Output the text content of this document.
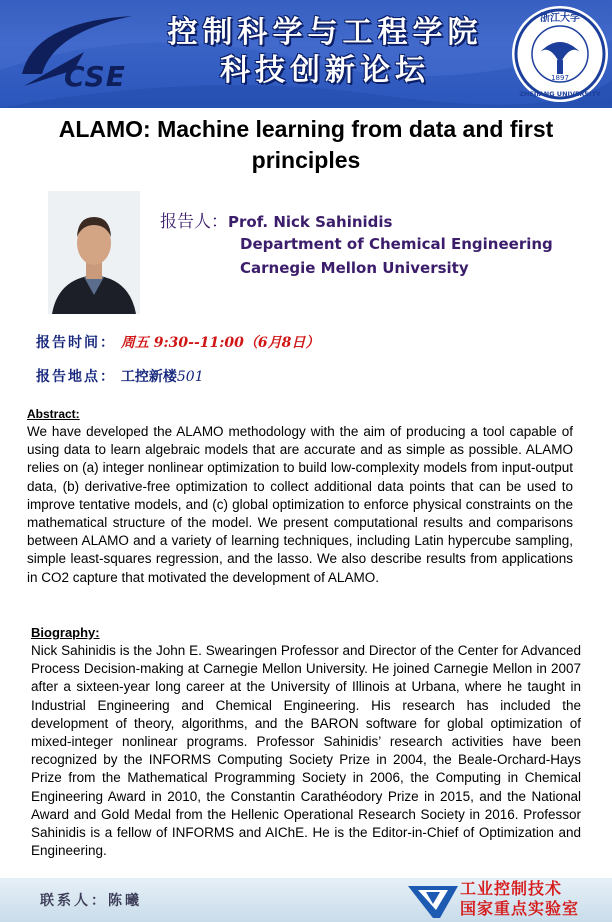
CSE
控制科学与工程学院
科技创新论坛	1897
浙江大学
ZHEJIANG UNIVERSITY
ALAMO: Machine learning from data and first principles
报告人：Prof. Nick Sahinidis
Department of Chemical Engineering
Carnegie Mellon University
报告时间： 周五 9:30--11:00（6月8日）
报告地点： 工控新楼501
Abstract:
We have developed the ALAMO methodology with the aim of producing a tool capable of using data to learn algebraic models that are accurate and as simple as possible. ALAMO relies on (a) integer nonlinear optimization to build low-complexity models from input-output data, (b) derivative-free optimization to collect additional data points that can be used to improve tentative models, and (c) global optimization to enforce physical constraints on the mathematical structure of the model. We present computational results and comparisons between ALAMO and a variety of learning techniques, including Latin hypercube sampling, simple least-squares regression, and the lasso. We also describe results from applications in CO2 capture that motivated the development of ALAMO.
Biography:
Nick Sahinidis is the John E. Swearingen Professor and Director of the Center for Advanced Process Decision-making at Carnegie Mellon University. He joined Carnegie Mellon in 2007 after a sixteen-year long career at the University of Illinois at Urbana, where he taught in Industrial Engineering and Chemical Engineering. His research has included the development of theory, algorithms, and the BARON software for global optimization of mixed-integer nonlinear programs. Professor Sahinidis’ research activities have been recognized by the INFORMS Computing Society Prize in 2004, the Beale-Orchard-Hays Prize from the Mathematical Programming Society in 2006, the Computing in Chemical Engineering Award in 2010, the Constantin Carathéodory Prize in 2015, and the National Award and Gold Medal from the Hellenic Operational Research Society in 2016. Professor Sahinidis is a fellow of INFORMS and AIChE. He is the Editor-in-Chief of Optimization and Engineering.
联系人：陈曦
工业控制技术
国家重点实验室
